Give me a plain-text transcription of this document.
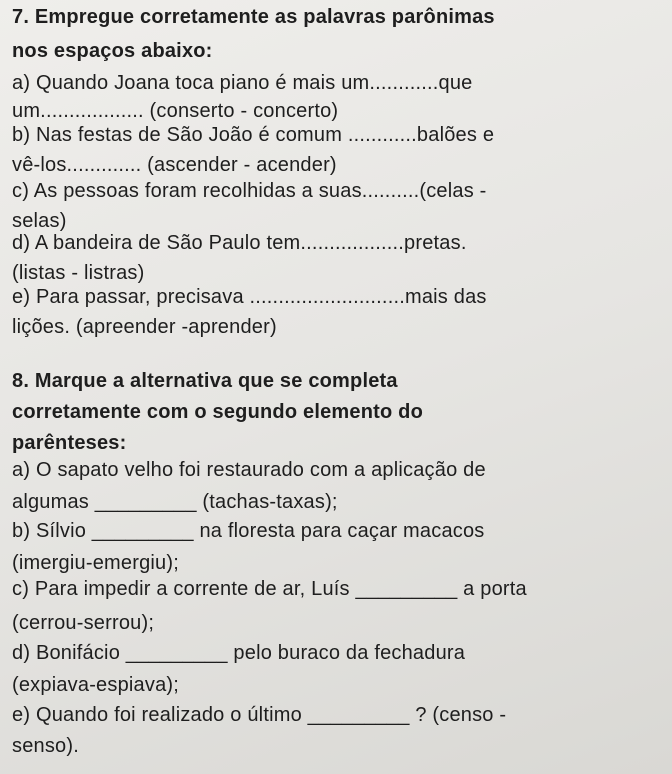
7. Empregue corretamente as palavras parônimas
nos espaços abaixo:
a) Quando Joana toca piano é mais um............que
um.................. (conserto - concerto)
b) Nas festas de São João é comum ............balões e
vê-los............. (ascender - acender)
c) As pessoas foram recolhidas a suas..........(celas -
selas)
d) A bandeira de São Paulo tem..................pretas.
(listas - listras)
e) Para passar, precisava ...........................mais das
lições. (apreender -aprender)
8. Marque a alternativa que se completa
corretamente com o segundo elemento do
parênteses:
a) O sapato velho foi restaurado com a aplicação de
algumas _________ (tachas-taxas);
b) Sílvio _________ na floresta para caçar macacos
(imergiu-emergiu);
c) Para impedir a corrente de ar, Luís _________ a porta
(cerrou-serrou);
d) Bonifácio _________ pelo buraco da fechadura
(expiava-espiava);
e) Quando foi realizado o último _________ ? (censo -
senso).
